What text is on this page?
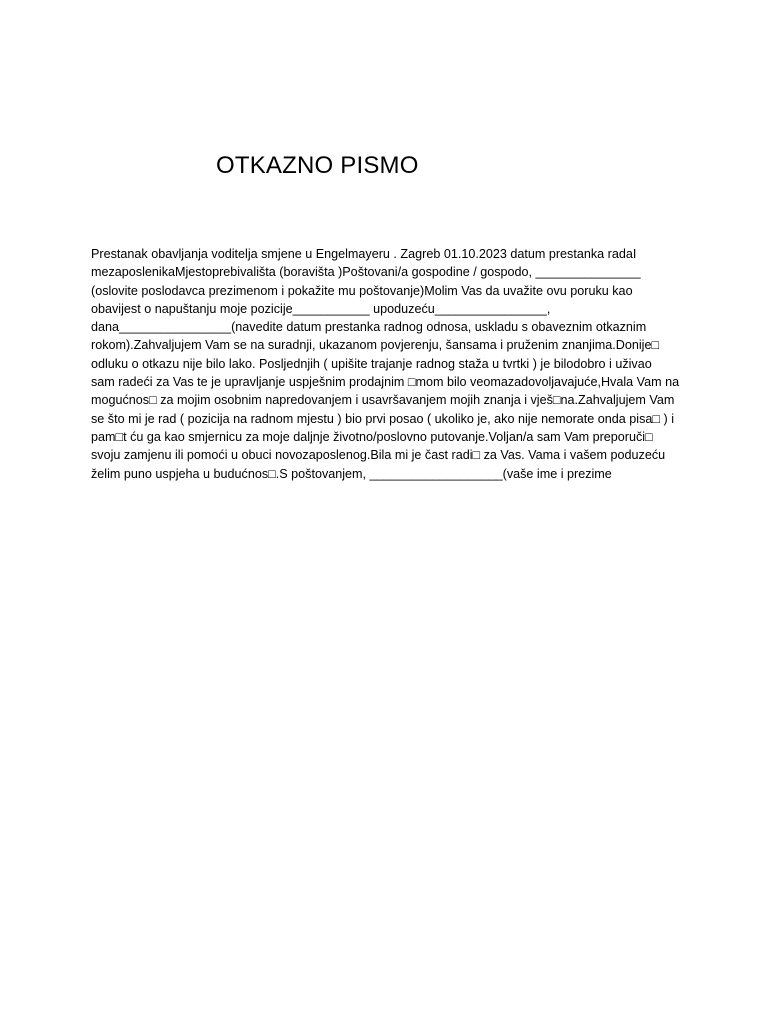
OTKAZNO PISMO
Prestanak obavljanja voditelja smjene u Engelmayeru . Zagreb 01.10.2023 datum prestanka radaI
mezaposlenikaMjestoprebivališta (boravišta )Poštovani/a gospodine / gospodo, _______________
(oslovite poslodavca prezimenom i pokažite mu poštovanje)Molim Vas da uvažite ovu poruku kao
obavijest o napuštanju moje pozicije___________ upoduzeću________________,
dana________________(navedite datum prestanka radnog odnosa, uskladu s obaveznim otkaznim
rokom).Zahvaljujem Vam se na suradnji, ukazanom povjerenju, šansama i pruženim znanjima.Donije□
odluku o otkazu nije bilo lako. Posljednjih ( upišite trajanje radnog staža u tvrtki ) je bilodobro i uživao
sam radeći za Vas te je upravljanje uspješnim prodajnim □mom bilo veomazadovoljavajuće,Hvala Vam na
mogućnos□ za mojim osobnim napredovanjem i usavršavanjem mojih znanja i vješ□na.Zahvaljujem Vam
se što mi je rad ( pozicija na radnom mjestu ) bio prvi posao ( ukoliko je, ako nije nemorate onda pisa□ ) i
pam□t ću ga kao smjernicu za moje daljnje životno/poslovno putovanje.Voljan/a sam Vam preporuči□
svoju zamjenu ili pomoći u obuci novozaposlenog.Bila mi je čast radi□ za Vas. Vama i vašem poduzeću
želim puno uspjeha u budućnos□.S poštovanjem, ___________________(vaše ime i prezime
